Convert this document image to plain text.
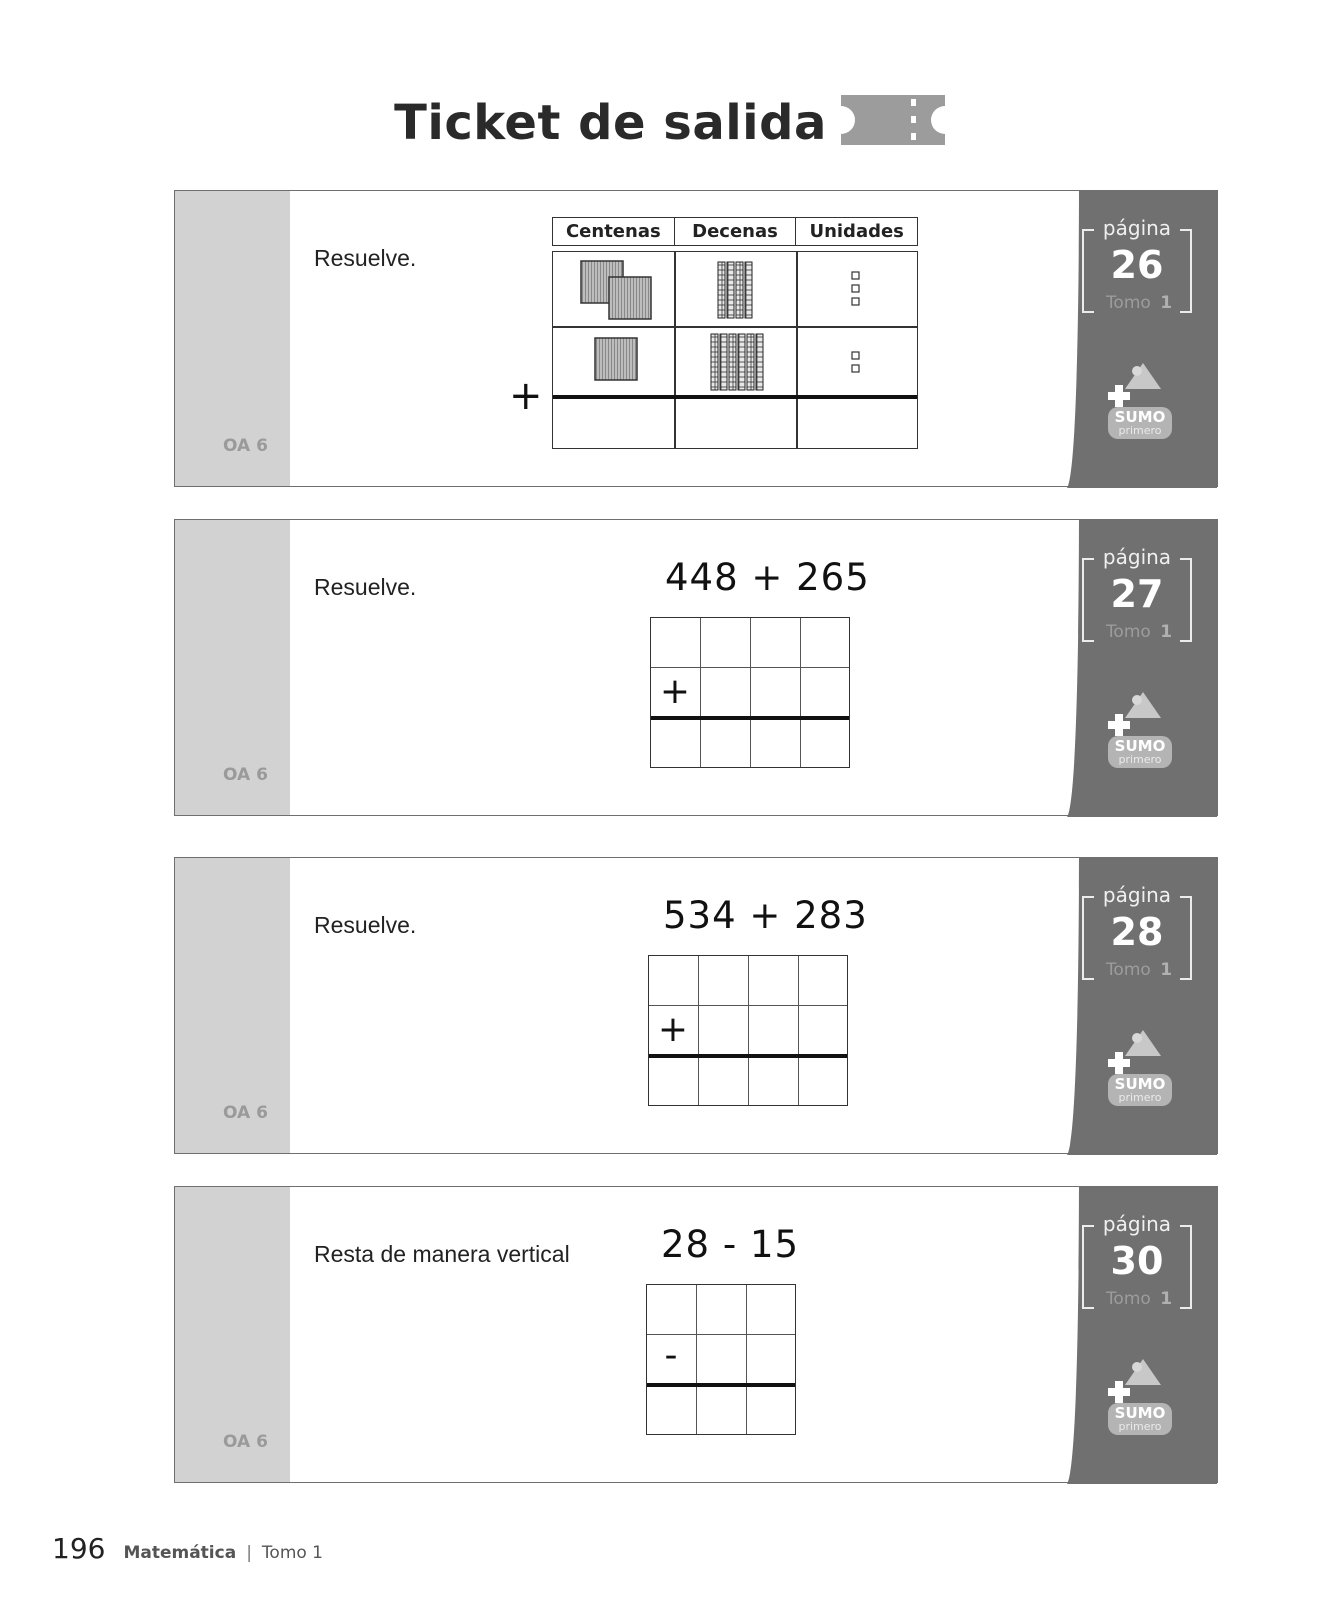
Ticket de salida
OA 6
Resuelve.
Centenas	Decenas	Unidades
+
página
26
Tomo 1
SUMO
primero
OA 6
Resuelve.	448 + 265
+
página
27
Tomo 1
SUMO
primero
OA 6
Resuelve.	534 + 283
+
página
28
Tomo 1
SUMO
primero
OA 6
Resta de manera vertical 28 - 15
-
página
30
Tomo 1
SUMO
primero
196 Matemática | Tomo 1
